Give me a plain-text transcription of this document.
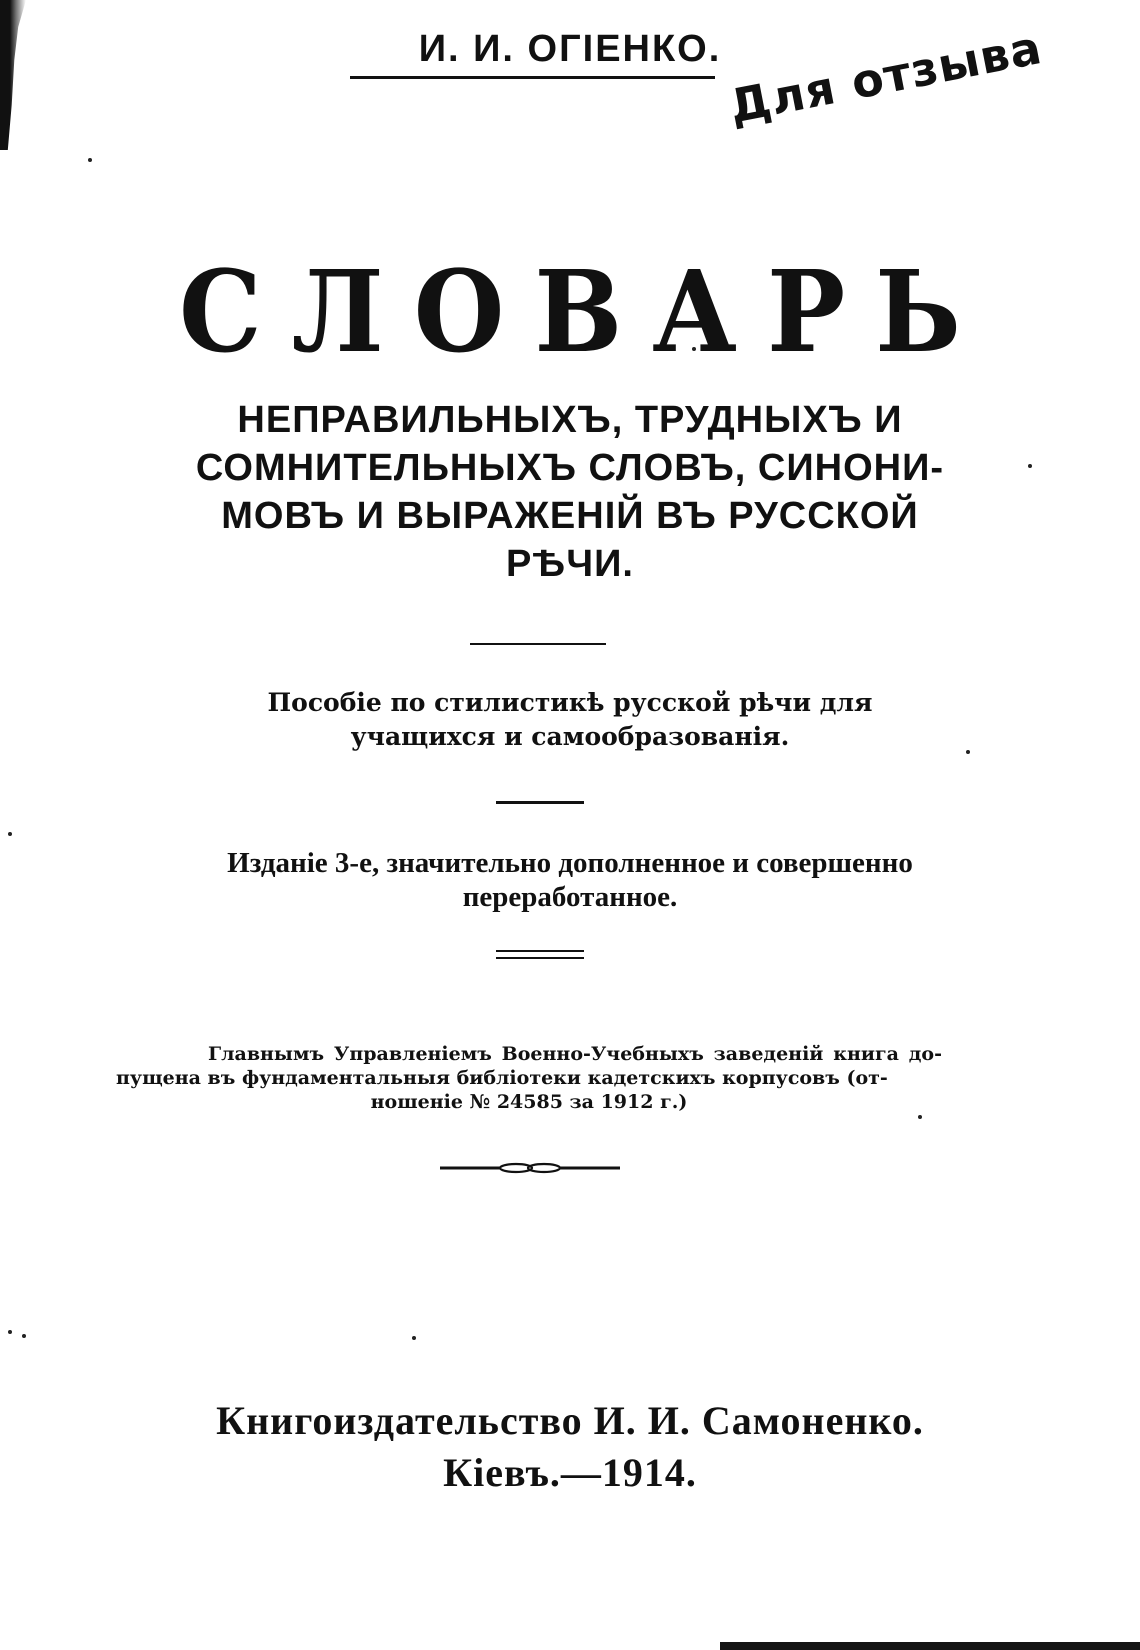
И. И. ОГІЕНКО. Для отзыва
СЛОВАРЬ
НЕПРАВИЛЬНЫХЪ, ТРУДНЫХЪ И
СОМНИТЕЛЬНЫХЪ СЛОВЪ, СИНОНИ-
МОВЪ И ВЫРАЖЕНІЙ ВЪ РУССКОЙ
РѢЧИ.
Пособіе по стилистикѣ русской рѣчи для
учащихся и самообразованія.
Изданіе 3-е, значительно дополненное и совершенно
переработанное.
Главнымъ Управленіемъ Военно-Учебныхъ заведеній книга до- пущена въ фундаментальныя библіотеки кадетскихъ корпусовъ (от-
ношеніе № 24585 за 1912 г.)
Книгоиздательство И. И. Самоненко.
Кіевъ.—1914.
